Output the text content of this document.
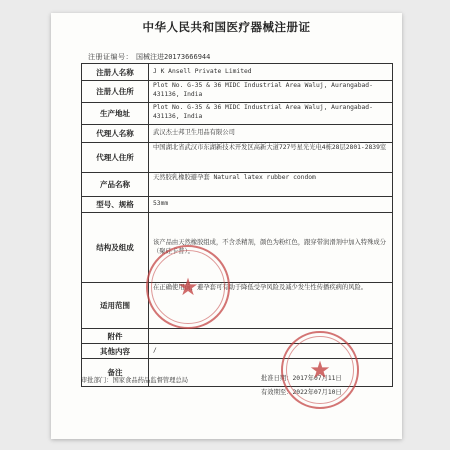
中华人民共和国医疗器械注册证
注册证编号： 国械注进20173666944
注册人名称	J K Ansell Private Limited
注册人住所	Plot No. G-35 & 36 MIDC Industrial Area Waluj, Aurangabad-431136, India
生产地址	Plot No. G-35 & 36 MIDC Industrial Area Waluj, Aurangabad-431136, India
代理人名称	武汉杰士邦卫生用品有限公司
代理人住所	中国湖北省武汉市东湖新技术开发区高新大道727号星光光电4栋28层2801-2839室
产品名称	天然胶乳橡胶避孕套 Natural latex rubber condom
型号、规格	53mm
结构及组成	该产品由天然橡胶组成，不含杀精剂，颜色为粉红色，跟穿带润滑剂中加入特殊成分（聚硅卡普）。
适用范围	在正确使用前，避孕套可有助于降低受孕风险及减少发生性传播疾病的风险。
附件	
其他内容	/
备注	
审批部门：国家食品药品监督管理总局	批准日期：2017年07月11日
有效期至：2022年07月10日
★
★
